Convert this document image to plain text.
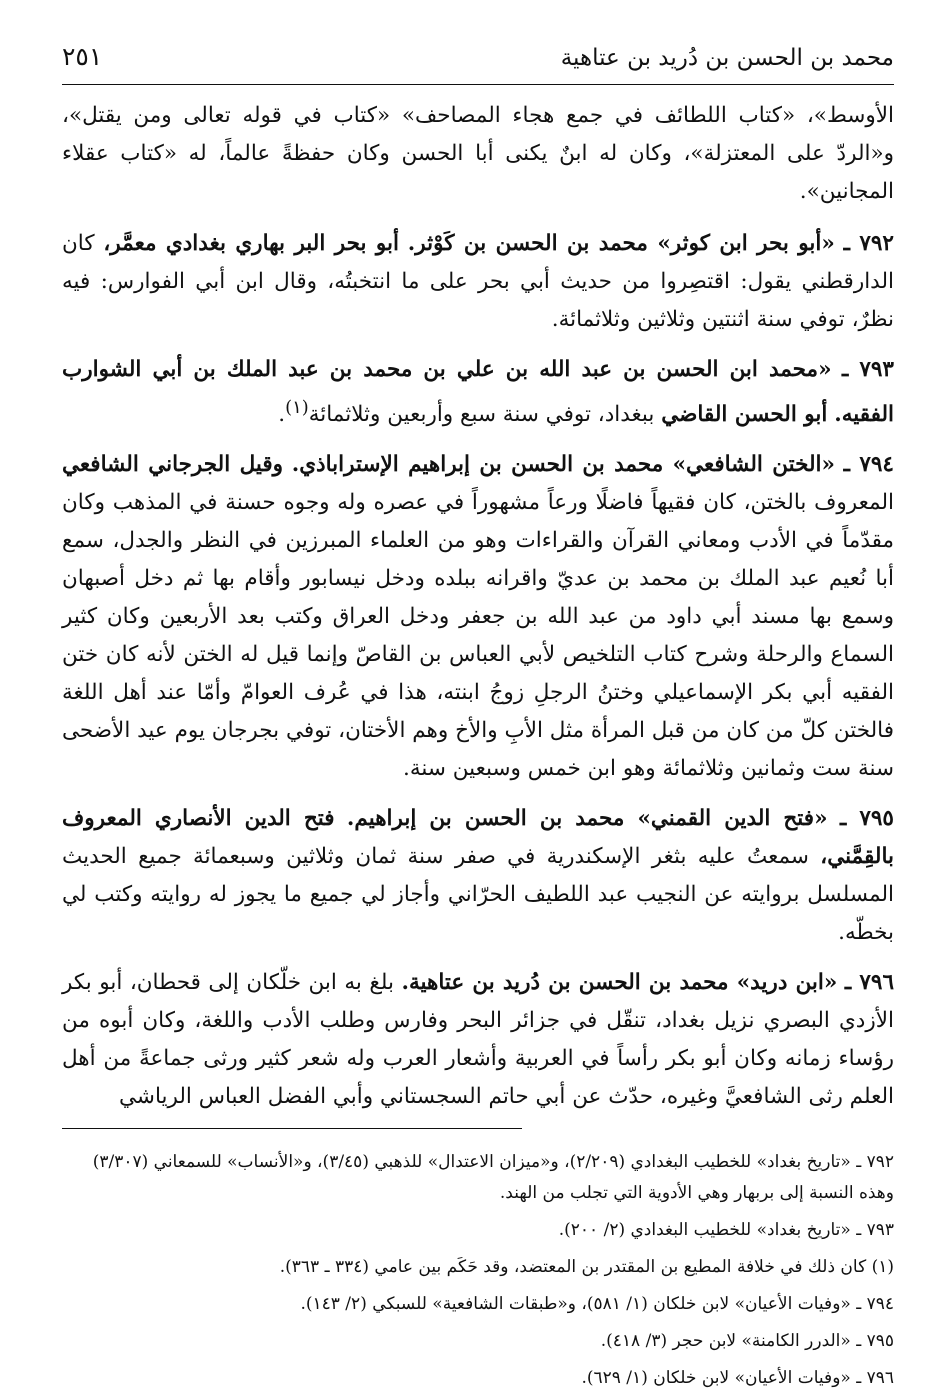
محمد بن الحسن بن دُريد بن عتاهية
٢٥١

الأوسط»، «كتاب اللطائف في جمع هجاء المصاحف» «كتاب في قوله تعالى ومن يقتل»، و«الردّ على المعتزلة»، وكان له ابنٌ يكنى أبا الحسن وكان حفظةً عالماً، له «كتاب عقلاء المجانين».

٧٩٢ ـ «أبو بحر ابن كوثر» محمد بن الحسن بن كَوْثر. أبو بحر البر بهاري بغدادي معمَّر، كان الدارقطني يقول: اقتصِروا من حديث أبي بحر على ما انتخبتُه، وقال ابن أبي الفوارس: فيه نظرٌ، توفي سنة اثنتين وثلاثين وثلاثمائة.

٧٩٣ ـ «محمد ابن الحسن بن عبد الله بن علي بن محمد بن عبد الملك بن أبي الشوارب الفقيه. أبو الحسن القاضي ببغداد، توفي سنة سبع وأربعين وثلاثمائة$^{(١)}$.

٧٩٤ ـ «الختن الشافعي» محمد بن الحسن بن إبراهيم الإستراباذي. وقيل الجرجاني الشافعي المعروف بالختن، كان فقيهاً فاضلًا ورعاً مشهوراً في عصره وله وجوه حسنة في المذهب وكان مقدّماً في الأدب ومعاني القرآن والقراءات وهو من العلماء المبرزين في النظر والجدل، سمع أبا نُعيم عبد الملك بن محمد بن عديّ واقرانه ببلده ودخل نيسابور وأقام بها ثم دخل أصبهان وسمع بها مسند أبي داود من عبد الله بن جعفر ودخل العراق وكتب بعد الأربعين وكان كثير السماع والرحلة وشرح كتاب التلخيص لأبي العباس بن القاصّ وإنما قيل له الختن لأنه كان ختن الفقيه أبي بكر الإسماعيلي وختنُ الرجلِ زوجُ ابنته، هذا في عُرف العوامّ وأمّا عند أهل اللغة فالختن كلّ من كان من قبل المرأة مثل الأبِ والأخ وهم الأختان، توفي بجرجان يوم عيد الأضحى سنة ست وثمانين وثلاثمائة وهو ابن خمس وسبعين سنة.

٧٩٥ ـ «فتح الدين القمني» محمد بن الحسن بن إبراهيم. فتح الدين الأنصاري المعروف بالقِمَّني، سمعتُ عليه بثغر الإسكندرية في صفر سنة ثمان وثلاثين وسبعمائة جميع الحديث المسلسل بروايته عن النجيب عبد اللطيف الحرّاني وأجاز لي جميع ما يجوز له روايته وكتب لي بخطّه.

٧٩٦ ـ «ابن دريد» محمد بن الحسن بن دُريد بن عتاهية. بلغ به ابن خلّكان إلى قحطان، أبو بكر الأزدي البصري نزيل بغداد، تنقّل في جزائر البحر وفارس وطلب الأدب واللغة، وكان أبوه من رؤساء زمانه وكان أبو بكر رأساً في العربية وأشعار العرب وله شعر كثير ورثى جماعةً من أهل العلم رثى الشافعيَّ وغيره، حدّث عن أبي حاتم السجستاني وأبي الفضل العباس الرياشي

٧٩٢ ـ «تاريخ بغداد» للخطيب البغدادي (٢/٢٠٩)، و«ميزان الاعتدال» للذهبي (٣/٤٥)، و«الأنساب» للسمعاني (٣/٣٠٧) وهذه النسبة إلى بربهار وهي الأدوية التي تجلب من الهند.

٧٩٣ ـ «تاريخ بغداد» للخطيب البغدادي (٢/ ٢٠٠).

(١) كان ذلك في خلافة المطيع بن المقتدر بن المعتضد، وقد حَكَم بين عامي (٣٣٤ ـ ٣٦٣).

٧٩٤ ـ «وفيات الأعيان» لابن خلكان (١/ ٥٨١)، و«طبقات الشافعية» للسبكي (٢/ ١٤٣).

٧٩٥ ـ «الدرر الكامنة» لابن حجر (٣/ ٤١٨).

٧٩٦ ـ «وفيات الأعيان» لابن خلكان (١/ ٦٢٩).
